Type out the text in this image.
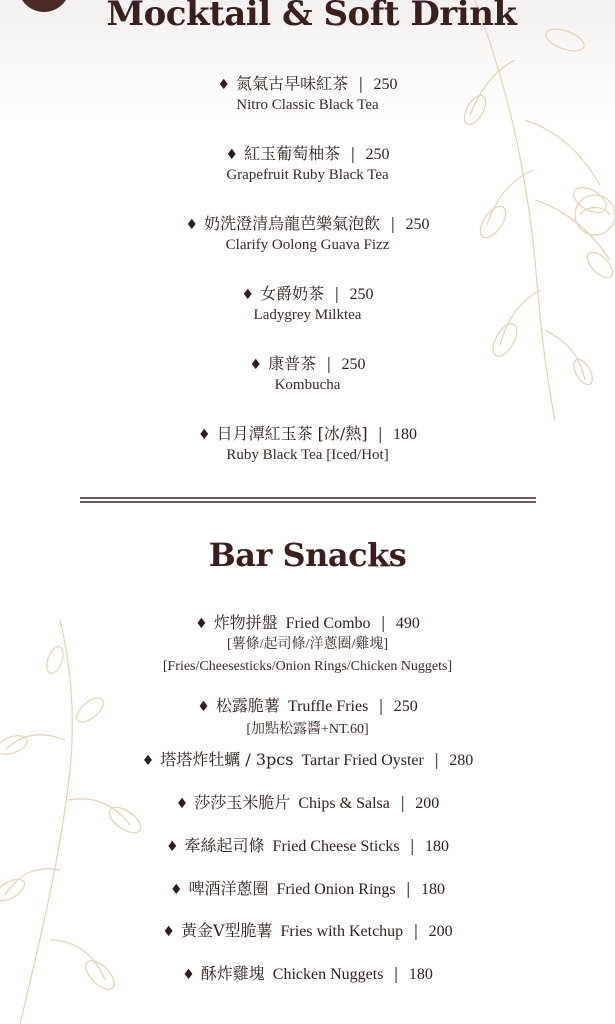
Mocktail & Soft Drink
♦ 氮氣古早味紅茶 | 250
Nitro Classic Black Tea
♦ 紅玉葡萄柚茶 | 250
Grapefruit Ruby Black Tea
♦ 奶洗澄清烏龍芭樂氣泡飲 | 250
Clarify Oolong Guava Fizz
♦ 女爵奶茶 | 250
Ladygrey Milktea
♦ 康普茶 | 250
Kombucha
♦ 日月潭紅玉茶 [冰/熱] | 180
Ruby Black Tea [Iced/Hot]
Bar Snacks
♦ 炸物拼盤 Fried Combo | 490
[薯條/起司條/洋蔥圈/雞塊]
[Fries/Cheesesticks/Onion Rings/Chicken Nuggets]
♦ 松露脆薯 Truffle Fries | 250
[加點松露醬+NT.60]
♦ 塔塔炸牡蠣 / 3pcs Tartar Fried Oyster | 280
♦ 莎莎玉米脆片 Chips & Salsa | 200
♦ 牽絲起司條 Fried Cheese Sticks | 180
♦ 啤酒洋蔥圈 Fried Onion Rings | 180
♦ 黃金V型脆薯 Fries with Ketchup | 200
♦ 酥炸雞塊 Chicken Nuggets | 180
